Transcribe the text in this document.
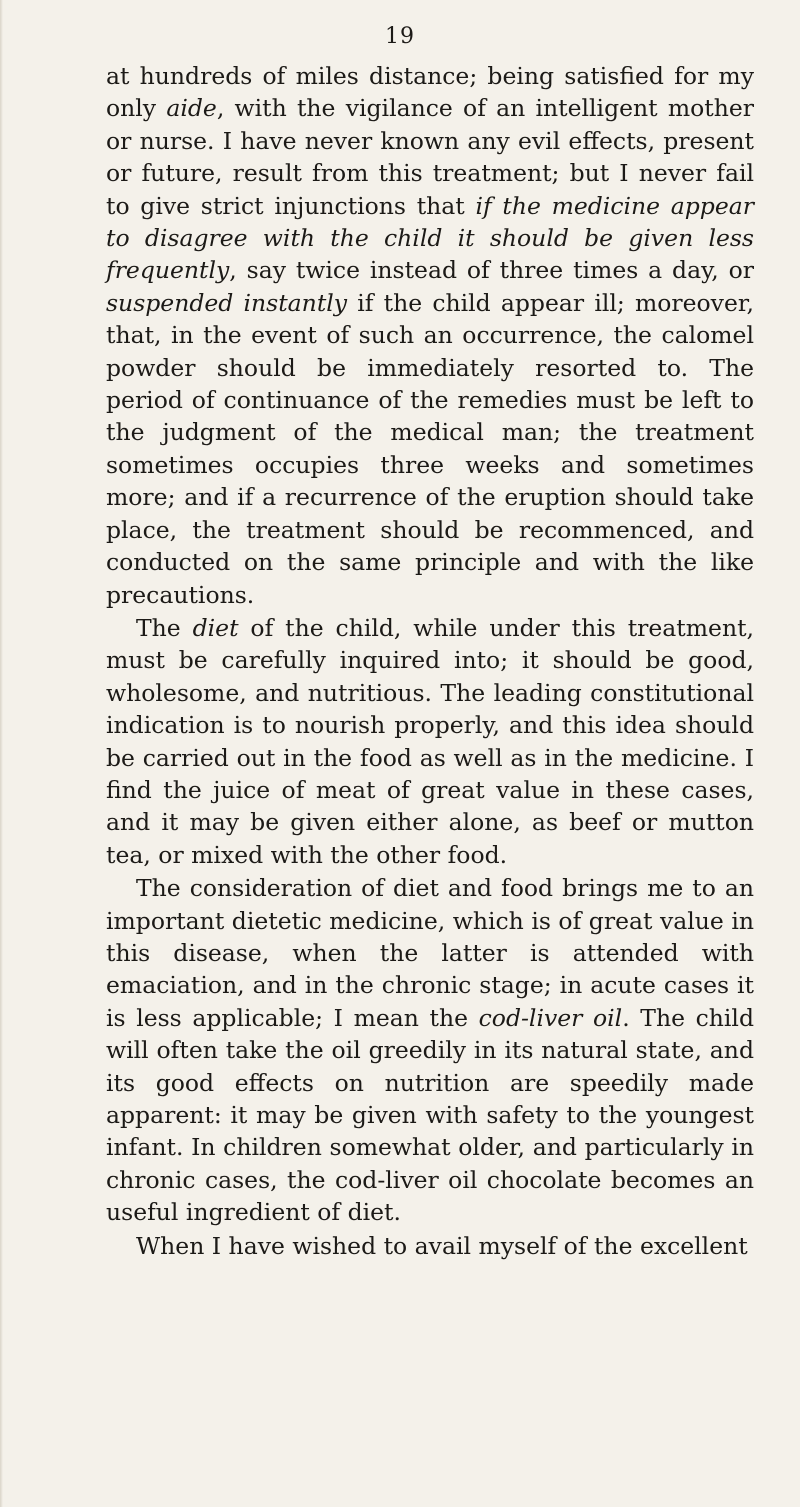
19

at hundreds of miles distance; being satisfied for my only aide, with the vigilance of an intelligent mother or nurse. I have never known any evil effects, present or future, result from this treatment; but I never fail to give strict injunctions that if the medicine appear to disagree with the child it should be given less frequently, say twice instead of three times a day, or suspended instantly if the child appear ill; moreover, that, in the event of such an occurrence, the calomel powder should be immediately resorted to. The period of continuance of the remedies must be left to the judgment of the medical man; the treatment sometimes occupies three weeks and sometimes more; and if a recurrence of the eruption should take place, the treatment should be recommenced, and conducted on the same principle and with the like precautions.

The diet of the child, while under this treatment, must be carefully inquired into; it should be good, wholesome, and nutritious. The leading constitutional indication is to nourish properly, and this idea should be carried out in the food as well as in the medicine. I find the juice of meat of great value in these cases, and it may be given either alone, as beef or mutton tea, or mixed with the other food.

The consideration of diet and food brings me to an important dietetic medicine, which is of great value in this disease, when the latter is attended with emaciation, and in the chronic stage; in acute cases it is less applicable; I mean the cod-liver oil. The child will often take the oil greedily in its natural state, and its good effects on nutrition are speedily made apparent: it may be given with safety to the youngest infant. In children somewhat older, and particularly in chronic cases, the cod-liver oil chocolate becomes an useful ingredient of diet.

When I have wished to avail myself of the excellent
